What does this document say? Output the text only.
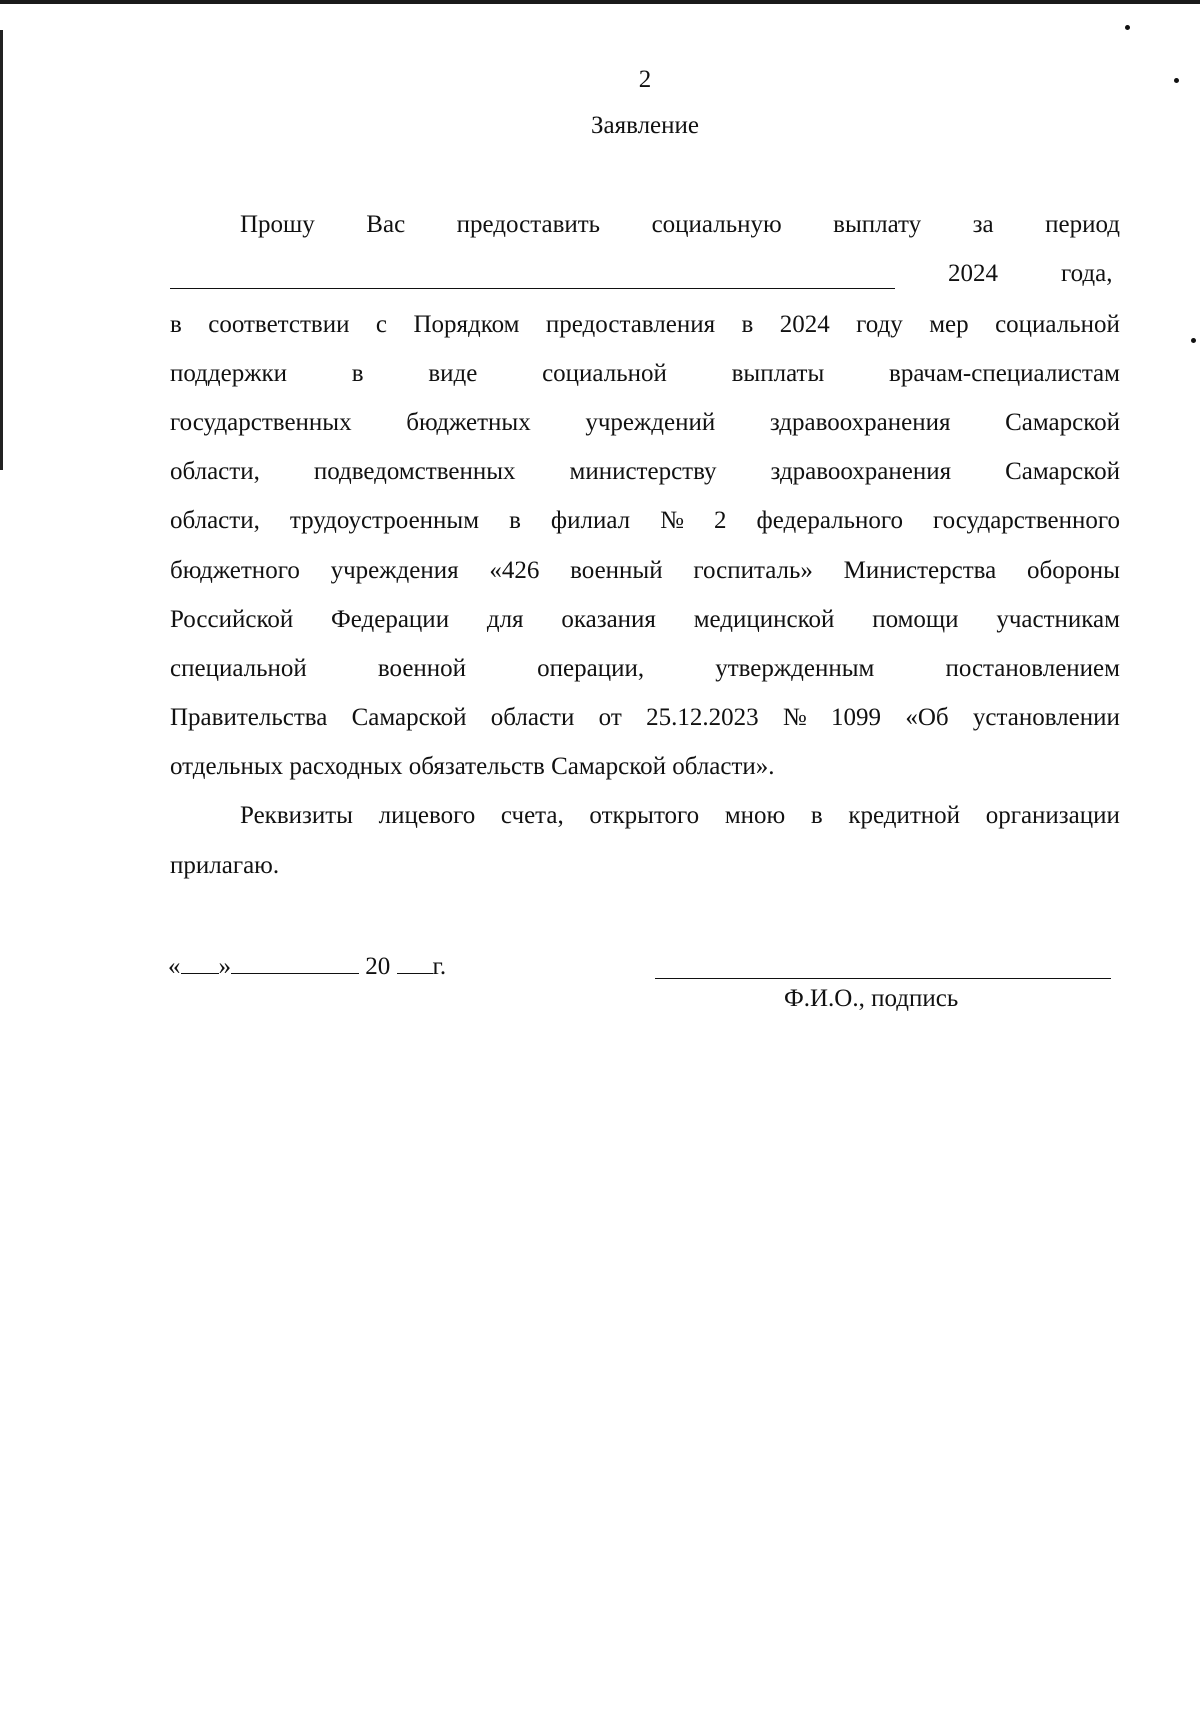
2
Заявление
Прошу Вас предоставить социальную выплату за период
2024	года,
в соответствии с Порядком предоставления в 2024 году мер социальной
поддержки	в	виде	социальной	выплаты	врачам-специалистам
государственных бюджетных учреждений здравоохранения Самарской
области, подведомственных министерству здравоохранения Самарской
области, трудоустроенным в филиал № 2 федерального государственного
бюджетного учреждения «426 военный госпиталь» Министерства обороны
Российской Федерации для оказания медицинской помощи участникам
специальной	военной	операции,	утвержденным	постановлением
Правительства Самарской области от 25.12.2023 № 1099 «Об установлении
отдельных расходных обязательств Самарской области».
Реквизиты лицевого счета, открытого мною в кредитной организации
прилагаю.
« »	20 г.
Ф.И.О., подпись
